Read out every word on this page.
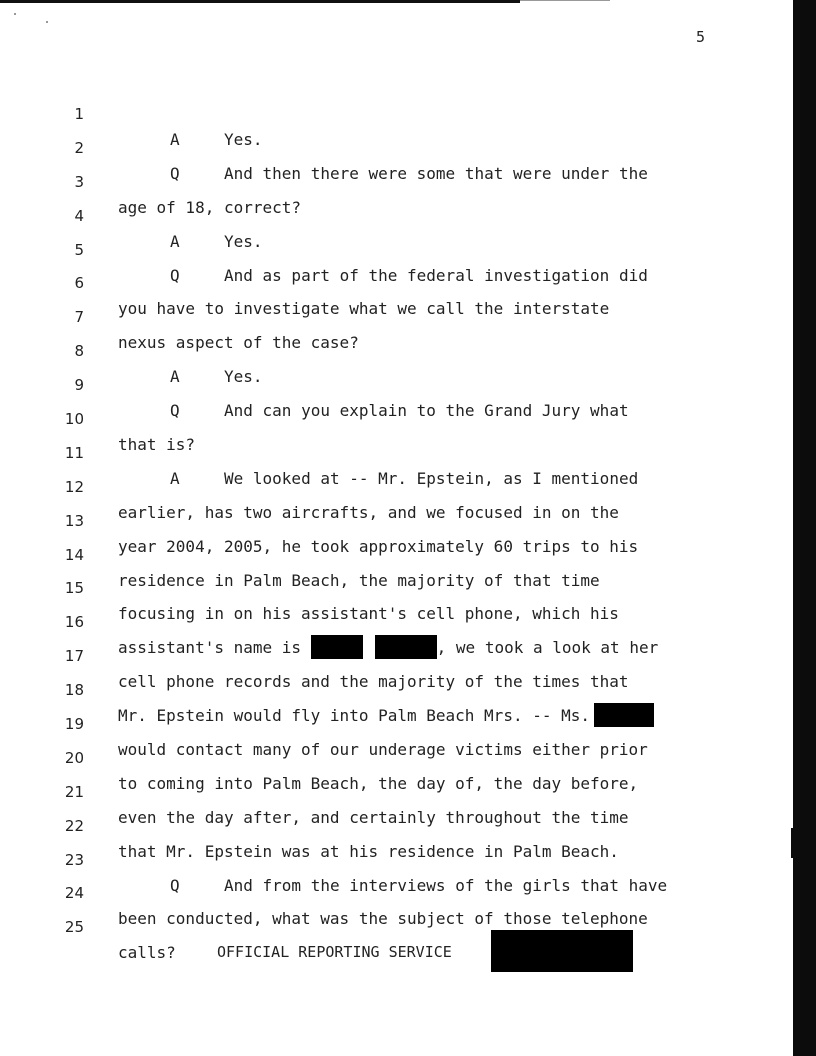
5

1

A	Yes.

2

Q	And then there were some that were under the

3

age of 18, correct?

4

A	Yes.

5

Q	And as part of the federal investigation did

6

you have to investigate what we call the interstate

7

nexus aspect of the case?

8

A	Yes.

9

Q	And can you explain to the Grand Jury what

10

that is?

11

A	We looked at -- Mr. Epstein, as I mentioned

12

earlier, has two aircrafts, and we focused in on the

13

year 2004, 2005, he took approximately 60 trips to his

14

residence in Palm Beach, the majority of that time

15

focusing in on his assistant's cell phone, which his

16

assistant's name is	, we took a look at her

17

cell phone records and the majority of the times that

18

Mr. Epstein would fly into Palm Beach Mrs. -- Ms.

19

would contact many of our underage victims either prior

20

to coming into Palm Beach, the day of, the day before,

21

even the day after, and certainly throughout the time

22

that Mr. Epstein was at his residence in Palm Beach.

23

Q	And from the interviews of the girls that have

24

been conducted, what was the subject of those telephone

25

calls?

	OFFICIAL REPORTING SERVICE
